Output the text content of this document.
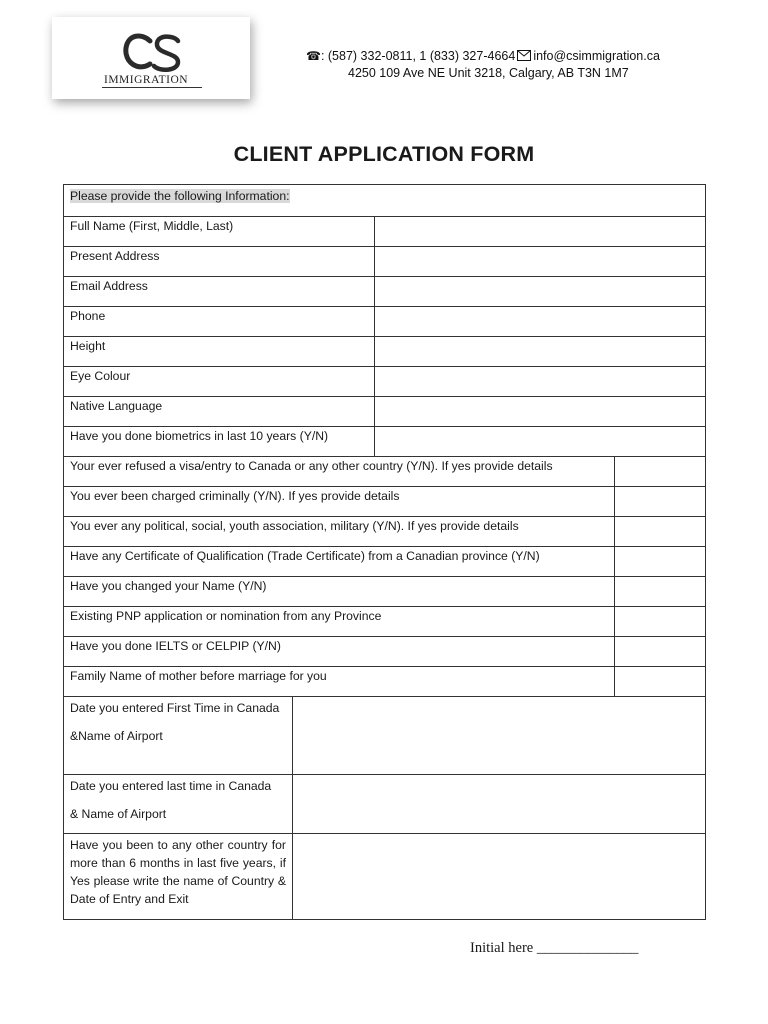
IMMIGRATION
☎: (587) 332-0811, 1 (833) 327-4664 info@csimmigration.ca
4250 109 Ave NE Unit 3218, Calgary, AB T3N 1M7
CLIENT APPLICATION FORM
Please provide the following Information:			
Full Name (First, Middle, Last)			
Present Address			
Email Address			
Phone			
Height			
Eye Colour			
Native Language			
Have you done biometrics in last 10 years (Y/N)			
Your ever refused a visa/entry to Canada or any other country (Y/N). If yes provide details			
You ever been charged criminally (Y/N). If yes provide details			
You ever any political, social, youth association, military (Y/N). If yes provide details			
Have any Certificate of Qualification (Trade Certificate) from a Canadian province (Y/N)			
Have you changed your Name (Y/N)			
Existing PNP application or nomination from any Province			
Have you done IELTS or CELPIP (Y/N)			
Family Name of mother before marriage for you			

Date you entered First Time in Canada
&Name of Airport			

Date you entered last time in Canada
& Name of Airport			

Have you been to any other country for more than 6 months in last five years, if Yes please write the name of Country & Date of Entry and Exit			
Initial here ______________
